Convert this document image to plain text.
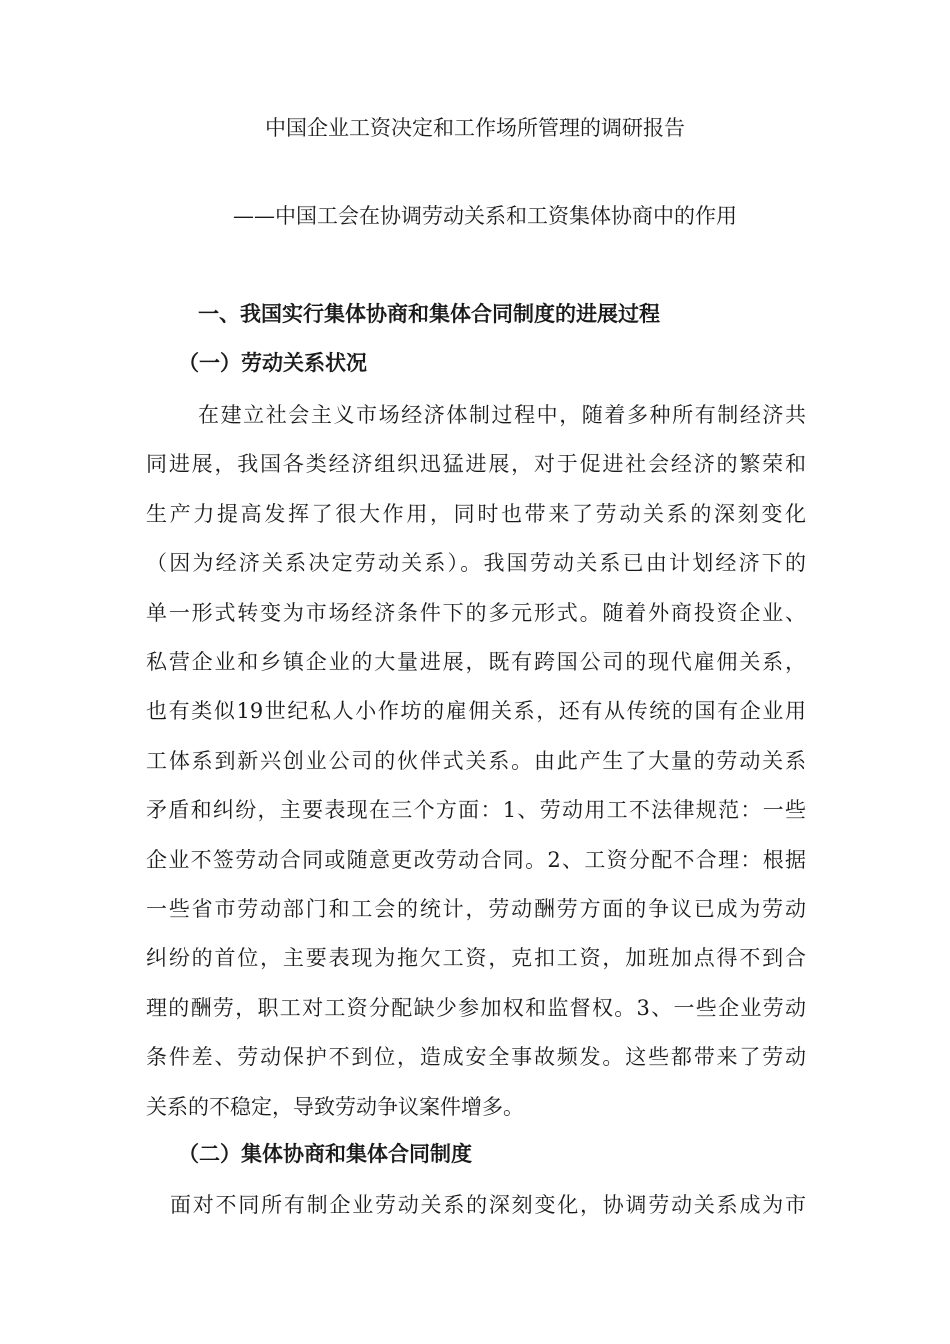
中国企业工资决定和工作场所管理的调研报告
——中国工会在协调劳动关系和工资集体协商中的作用
一、我国实行集体协商和集体合同制度的进展过程
（一）劳动关系状况
在建立社会主义市场经济体制过程中，随着多种所有制经济共
同进展，我国各类经济组织迅猛进展，对于促进社会经济的繁荣和
生产力提高发挥了很大作用，同时也带来了劳动关系的深刻变化
（因为经济关系决定劳动关系）。我国劳动关系已由计划经济下的
单一形式转变为市场经济条件下的多元形式。随着外商投资企业、
私营企业和乡镇企业的大量进展，既有跨国公司的现代雇佣关系，
也有类似19世纪私人小作坊的雇佣关系，还有从传统的国有企业用
工体系到新兴创业公司的伙伴式关系。由此产生了大量的劳动关系
矛盾和纠纷，主要表现在三个方面：1、劳动用工不法律规范：一些
企业不签劳动合同或随意更改劳动合同。2、工资分配不合理：根据
一些省市劳动部门和工会的统计，劳动酬劳方面的争议已成为劳动
纠纷的首位，主要表现为拖欠工资，克扣工资，加班加点得不到合
理的酬劳，职工对工资分配缺少参加权和监督权。3、一些企业劳动
条件差、劳动保护不到位，造成安全事故频发。这些都带来了劳动
关系的不稳定，导致劳动争议案件增多。
（二）集体协商和集体合同制度
面对不同所有制企业劳动关系的深刻变化，协调劳动关系成为市
